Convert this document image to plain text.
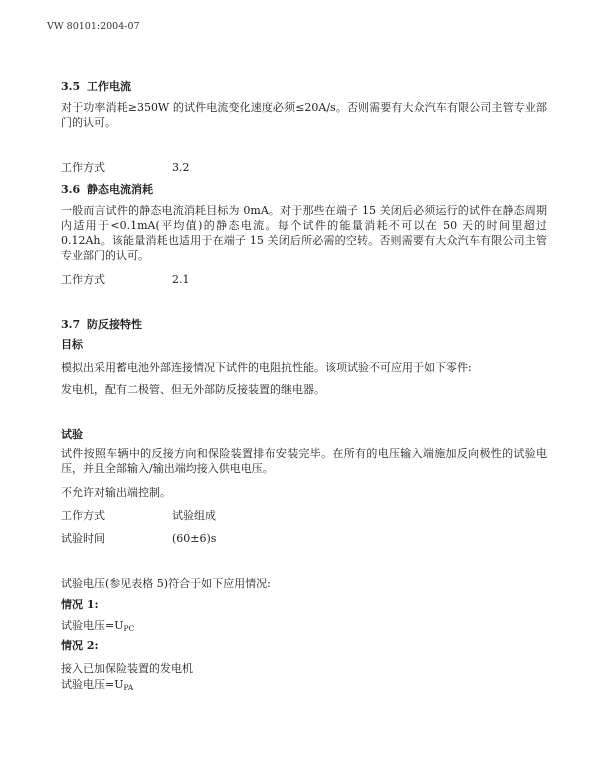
VW 80101:2004-07
3.5 工作电流
对于功率消耗≥350W 的试件电流变化速度必须≤20A/s。否则需要有大众汽车有限公司主管专业部门的认可。
工作方式	3.2
3.6 静态电流消耗
一般而言试件的静态电流消耗目标为 0mA。对于那些在端子 15 关闭后必须运行的试件在静态周期内适用于<0.1mA(平均值)的静态电流。每个试件的能量消耗不可以在 50 天的时间里超过 0.12Ah。该能量消耗也适用于在端子 15 关闭后所必需的空转。否则需要有大众汽车有限公司主管专业部门的认可。
工作方式	2.1
3.7 防反接特性
目标
模拟出采用蓄电池外部连接情况下试件的电阻抗性能。该项试验不可应用于如下零件:
发电机，配有二极管、但无外部防反接装置的继电器。
试验
试件按照车辆中的反接方向和保险装置排布安装完毕。在所有的电压输入端施加反向极性的试验电压，并且全部输入/输出端均接入供电电压。
不允许对输出端控制。
工作方式	试验组成
试验时间	(60±6)s
试验电压(参见表格 5)符合于如下应用情况:
情况 1:
试验电压$=U_{PC}$
情况 2:
接入已加保险装置的发电机
试验电压$=U_{PA}$
